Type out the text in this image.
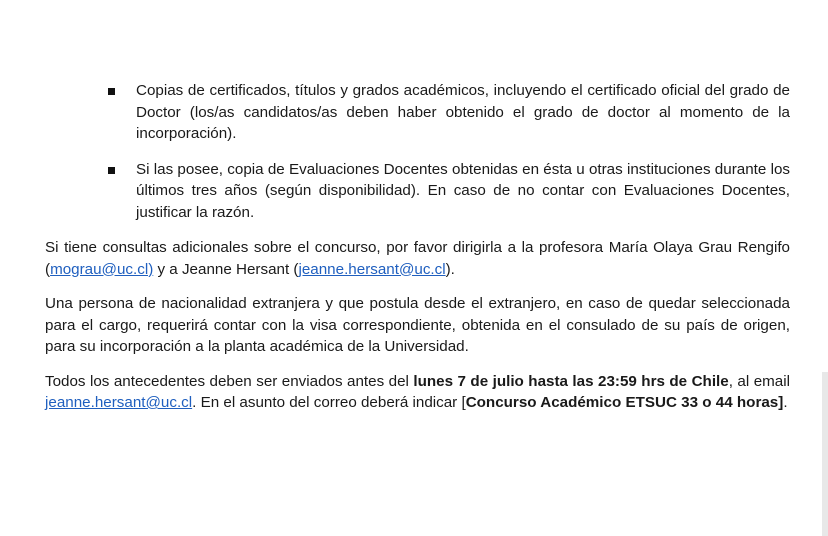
Copias de certificados, títulos y grados académicos, incluyendo el certificado oficial del grado de Doctor (los/as candidatos/as deben haber obtenido el grado de doctor al momento de la incorporación).
Si las posee, copia de Evaluaciones Docentes obtenidas en ésta u otras instituciones durante los últimos tres años (según disponibilidad). En caso de no contar con Evaluaciones Docentes, justificar la razón.

Si tiene consultas adicionales sobre el concurso, por favor dirigirla a la profesora María Olaya Grau Rengifo (mograu@uc.cl) y a Jeanne Hersant (jeanne.hersant@uc.cl).

Una persona de nacionalidad extranjera y que postula desde el extranjero, en caso de quedar seleccionada para el cargo, requerirá contar con la visa correspondiente, obtenida en el consulado de su país de origen, para su incorporación a la planta académica de la Universidad.

Todos los antecedentes deben ser enviados antes del lunes 7 de julio hasta las 23:59 hrs de Chile, al email jeanne.hersant@uc.cl. En el asunto del correo deberá indicar [Concurso Académico ETSUC 33 o 44 horas].
